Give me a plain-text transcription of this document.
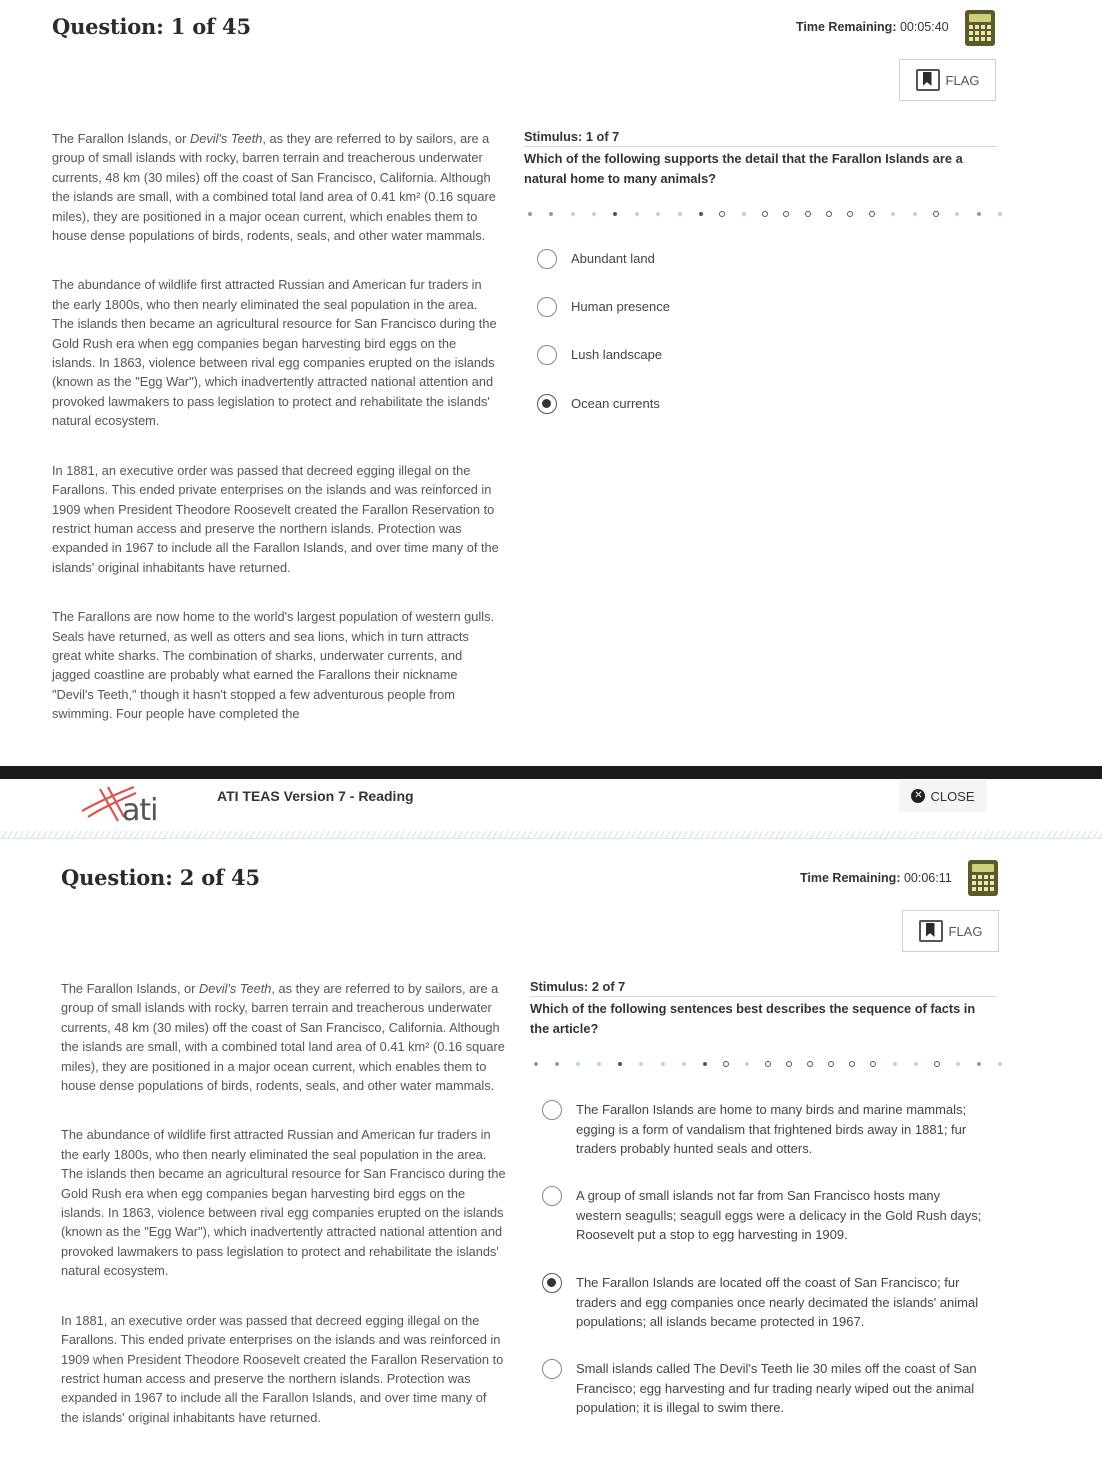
Question: 1 of 45	Time Remaining: 00:05:40
FLAG

The Farallon Islands, or Devil's Teeth, as they are referred to by sailors, are a group of small islands with rocky, barren terrain and treacherous underwater currents, 48 km (30 miles) off the coast of San Francisco, California. Although the islands are small, with a combined total land area of 0.41 km² (0.16 square miles), they are positioned in a major ocean current, which enables them to house dense populations of birds, rodents, seals, and other water mammals.

The abundance of wildlife first attracted Russian and American fur traders in the early 1800s, who then nearly eliminated the seal population in the area. The islands then became an agricultural resource for San Francisco during the Gold Rush era when egg companies began harvesting bird eggs on the islands. In 1863, violence between rival egg companies erupted on the islands (known as the "Egg War"), which inadvertently attracted national attention and provoked lawmakers to pass legislation to protect and rehabilitate the islands' natural ecosystem.

In 1881, an executive order was passed that decreed egging illegal on the Farallons. This ended private enterprises on the islands and was reinforced in 1909 when President Theodore Roosevelt created the Farallon Reservation to restrict human access and preserve the northern islands. Protection was expanded in 1967 to include all the Farallon Islands, and over time many of the islands' original inhabitants have returned.

The Farallons are now home to the world's largest population of western gulls. Seals have returned, as well as otters and sea lions, which in turn attracts great white sharks. The combination of sharks, underwater currents, and jagged coastline are probably what earned the Farallons their nickname "Devil's Teeth," though it hasn't stopped a few adventurous people from swimming. Four people have completed the

Stimulus: 1 of 7
Which of the following supports the detail that the Farallon Islands are a natural home to many animals?
Abundant land
Human presence
Lush landscape
Ocean currents
ati	ATI TEAS Version 7 - Reading	✕ CLOSE
Question: 2 of 45	Time Remaining: 00:06:11
FLAG

The Farallon Islands, or Devil's Teeth, as they are referred to by sailors, are a group of small islands with rocky, barren terrain and treacherous underwater currents, 48 km (30 miles) off the coast of San Francisco, California. Although the islands are small, with a combined total land area of 0.41 km² (0.16 square miles), they are positioned in a major ocean current, which enables them to house dense populations of birds, rodents, seals, and other water mammals.

The abundance of wildlife first attracted Russian and American fur traders in the early 1800s, who then nearly eliminated the seal population in the area. The islands then became an agricultural resource for San Francisco during the Gold Rush era when egg companies began harvesting bird eggs on the islands. In 1863, violence between rival egg companies erupted on the islands (known as the "Egg War"), which inadvertently attracted national attention and provoked lawmakers to pass legislation to protect and rehabilitate the islands' natural ecosystem.

In 1881, an executive order was passed that decreed egging illegal on the Farallons. This ended private enterprises on the islands and was reinforced in 1909 when President Theodore Roosevelt created the Farallon Reservation to restrict human access and preserve the northern islands. Protection was expanded in 1967 to include all the Farallon Islands, and over time many of the islands' original inhabitants have returned.

Stimulus: 2 of 7
Which of the following sentences best describes the sequence of facts in the article?
The Farallon Islands are home to many birds and marine mammals; egging is a form of vandalism that frightened birds away in 1881; fur traders probably hunted seals and otters.
A group of small islands not far from San Francisco hosts many western seagulls; seagull eggs were a delicacy in the Gold Rush days; Roosevelt put a stop to egg harvesting in 1909.
The Farallon Islands are located off the coast of San Francisco; fur traders and egg companies once nearly decimated the islands' animal populations; all islands became protected in 1967.
Small islands called The Devil's Teeth lie 30 miles off the coast of San Francisco; egg harvesting and fur trading nearly wiped out the animal population; it is illegal to swim there.
